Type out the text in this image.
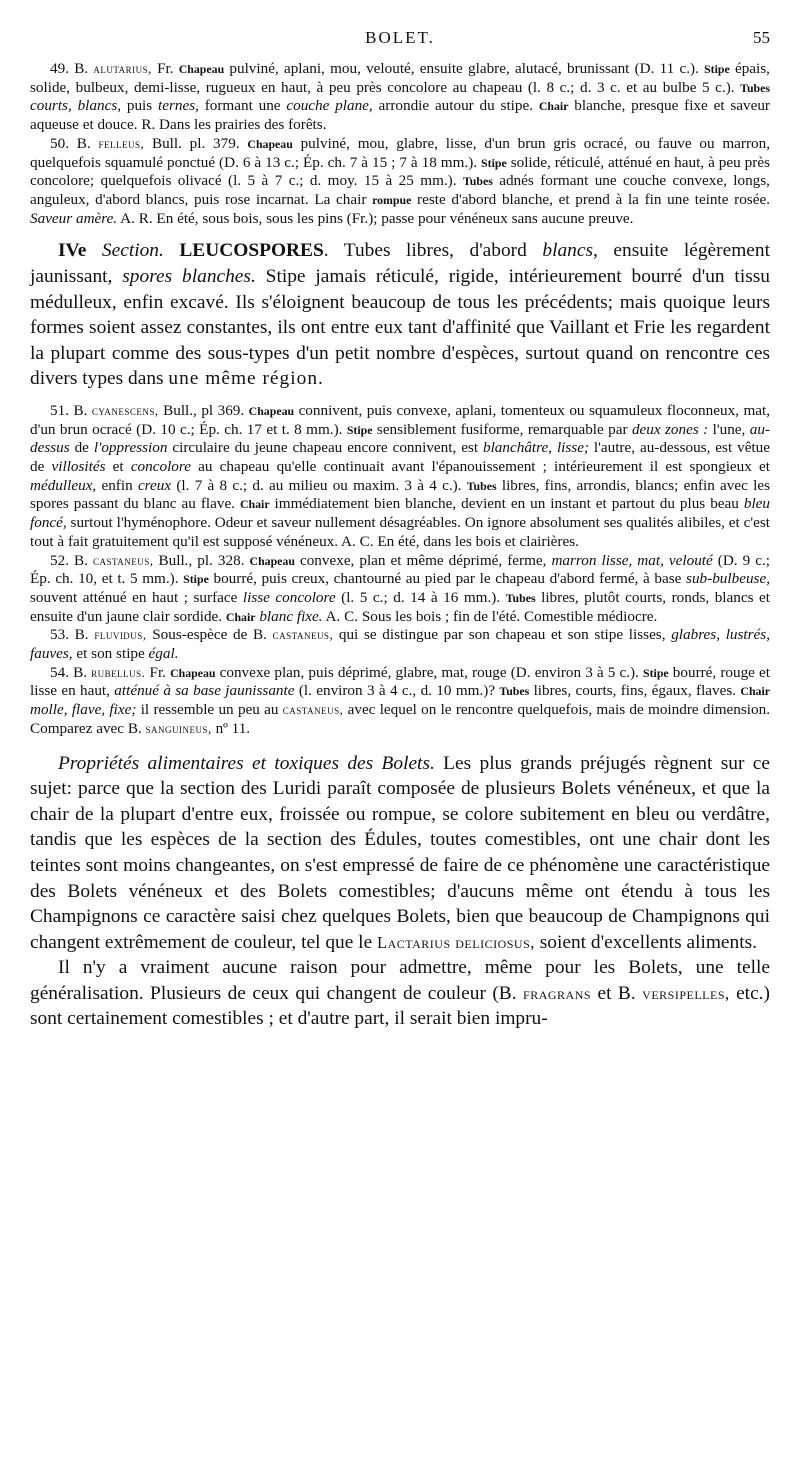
BOLET.	55

49. B. alutarius, Fr. Chapeau pulviné, aplani, mou, velouté, ensuite glabre, alutacé, brunissant (D. 11 c.). Stipe épais, solide, bulbeux, demi-lisse, rugueux en haut, à peu près concolore au chapeau (l. 8 c.; d. 3 c. et au bulbe 5 c.). Tubes courts, blancs, puis ternes, formant une couche plane, arrondie autour du stipe. Chair blanche, presque fixe et saveur aqueuse et douce. R. Dans les prairies des forêts.

50. B. felleus, Bull. pl. 379. Chapeau pulviné, mou, glabre, lisse, d'un brun gris ocracé, ou fauve ou marron, quelquefois squamulé ponctué (D. 6 à 13 c.; Ép. ch. 7 à 15 ; 7 à 18 mm.). Stipe solide, réticulé, atténué en haut, à peu près concolore; quelquefois olivacé (l. 5 à 7 c.; d. moy. 15 à 25 mm.). Tubes adnés formant une couche convexe, longs, anguleux, d'abord blancs, puis rose incarnat. La chair rompue reste d'abord blanche, et prend à la fin une teinte rosée. Saveur amère. A. R. En été, sous bois, sous les pins (Fr.); passe pour vénéneux sans aucune preuve.

IVe Section. LEUCOSPORES. Tubes libres, d'abord blancs, ensuite légèrement jaunissant, spores blanches. Stipe jamais réticulé, rigide, intérieurement bourré d'un tissu médulleux, enfin excavé. Ils s'éloignent beaucoup de tous les précédents; mais quoique leurs formes soient assez constantes, ils ont entre eux tant d'affinité que Vaillant et Frie les regardent la plupart comme des sous-types d'un petit nombre d'espèces, surtout quand on rencontre ces divers types dans une même région.

51. B. cyanescens, Bull., pl 369. Chapeau connivent, puis convexe, aplani, tomenteux ou squamuleux floconneux, mat, d'un brun ocracé (D. 10 c.; Ép. ch. 17 et t. 8 mm.). Stipe sensiblement fusiforme, remarquable par deux zones : l'une, au-dessus de l'oppression circulaire du jeune chapeau encore connivent, est blanchâtre, lisse; l'autre, au-dessous, est vêtue de villosités et concolore au chapeau qu'elle continuait avant l'épanouissement ; intérieurement il est spongieux et médulleux, enfin creux (l. 7 à 8 c.; d. au milieu ou maxim. 3 à 4 c.). Tubes libres, fins, arrondis, blancs; enfin avec les spores passant du blanc au flave. Chair immédiatement bien blanche, devient en un instant et partout du plus beau bleu foncé, surtout l'hyménophore. Odeur et saveur nullement désagréables. On ignore absolument ses qualités alibiles, et c'est tout à fait gratuitement qu'il est supposé vénéneux. A. C. En été, dans les bois et clairières.

52. B. castaneus, Bull., pl. 328. Chapeau convexe, plan et même déprimé, ferme, marron lisse, mat, velouté (D. 9 c.; Ép. ch. 10, et t. 5 mm.). Stipe bourré, puis creux, chantourné au pied par le chapeau d'abord fermé, à base sub-bulbeuse, souvent atténué en haut ; surface lisse concolore (l. 5 c.; d. 14 à 16 mm.). Tubes libres, plutôt courts, ronds, blancs et ensuite d'un jaune clair sordide. Chair blanc fixe. A. C. Sous les bois ; fin de l'été. Comestible médiocre.

53. B. fluvidus, Sous-espèce de B. castaneus, qui se distingue par son chapeau et son stipe lisses, glabres, lustrés, fauves, et son stipe égal.

54. B. rubellus. Fr. Chapeau convexe plan, puis déprimé, glabre, mat, rouge (D. environ 3 à 5 c.). Stipe bourré, rouge et lisse en haut, atténué à sa base jaunissante (l. environ 3 à 4 c., d. 10 mm.)? Tubes libres, courts, fins, égaux, flaves. Chair molle, flave, fixe; il ressemble un peu au castaneus, avec lequel on le rencontre quelquefois, mais de moindre dimension. Comparez avec B. sanguineus, nº 11.

Propriétés alimentaires et toxiques des Bolets. Les plus grands préjugés règnent sur ce sujet: parce que la section des Luridi paraît composée de plusieurs Bolets vénéneux, et que la chair de la plupart d'entre eux, froissée ou rompue, se colore subitement en bleu ou verdâtre, tandis que les espèces de la section des Édules, toutes comestibles, ont une chair dont les teintes sont moins changeantes, on s'est empressé de faire de ce phénomène une caractéristique des Bolets vénéneux et des Bolets comestibles; d'aucuns même ont étendu à tous les Champignons ce caractère saisi chez quelques Bolets, bien que beaucoup de Champignons qui changent extrêmement de couleur, tel que le Lactarius deliciosus, soient d'excellents aliments.

Il n'y a vraiment aucune raison pour admettre, même pour les Bolets, une telle généralisation. Plusieurs de ceux qui changent de couleur (B. fragrans et B. versipelles, etc.) sont certainement comestibles ; et d'autre part, il serait bien impru-
